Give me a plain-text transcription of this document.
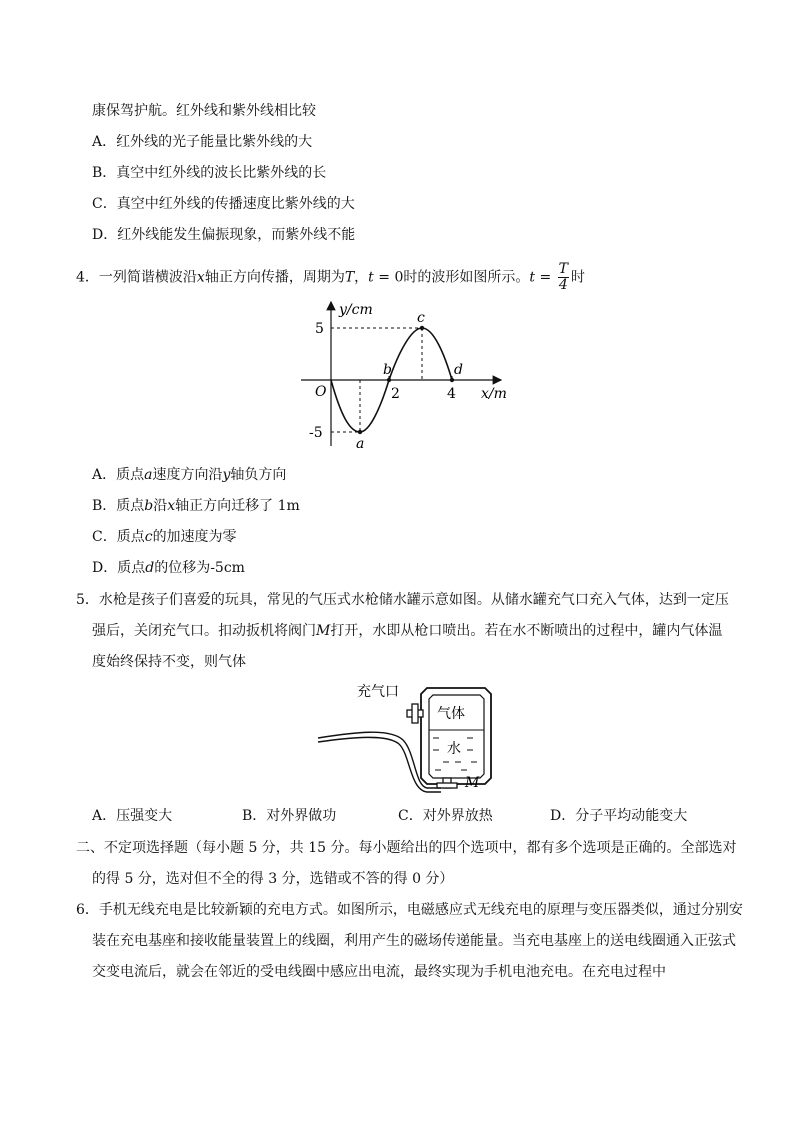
康保驾护航。红外线和紫外线相比较
A．红外线的光子能量比紫外线的大
B．真空中红外线的波长比紫外线的长
C．真空中红外线的传播速度比紫外线的大
D．红外线能发生偏振现象，而紫外线不能
4．一列简谐横波沿x轴正方向传播，周期为T，t = 0时的波形如图所示。$t = \frac{T}{4}$ 时
y/cm
x/m
O
5
-5
2	4
a
b
c
d
A．质点a速度方向沿y轴负方向
B．质点b沿x轴正方向迁移了 1m
C．质点c的加速度为零
D．质点d的位移为-5cm
5．水枪是孩子们喜爱的玩具，常见的气压式水枪储水罐示意如图。从储水罐充气口充入气体，达到一定压
强后，关闭充气口。扣动扳机将阀门M打开，水即从枪口喷出。若在水不断喷出的过程中，罐内气体温
度始终保持不变，则气体
充气口
气体
水
M
A．压强变大	B．对外界做功	C．对外界放热	D．分子平均动能变大
二、不定项选择题（每小题 5 分，共 15 分。每小题给出的四个选项中，都有多个选项是正确的。全部选对
的得 5 分，选对但不全的得 3 分，选错或不答的得 0 分）
6．手机无线充电是比较新颖的充电方式。如图所示，电磁感应式无线充电的原理与变压器类似，通过分别安
装在充电基座和接收能量装置上的线圈，利用产生的磁场传递能量。当充电基座上的送电线圈通入正弦式
交变电流后，就会在邻近的受电线圈中感应出电流，最终实现为手机电池充电。在充电过程中
